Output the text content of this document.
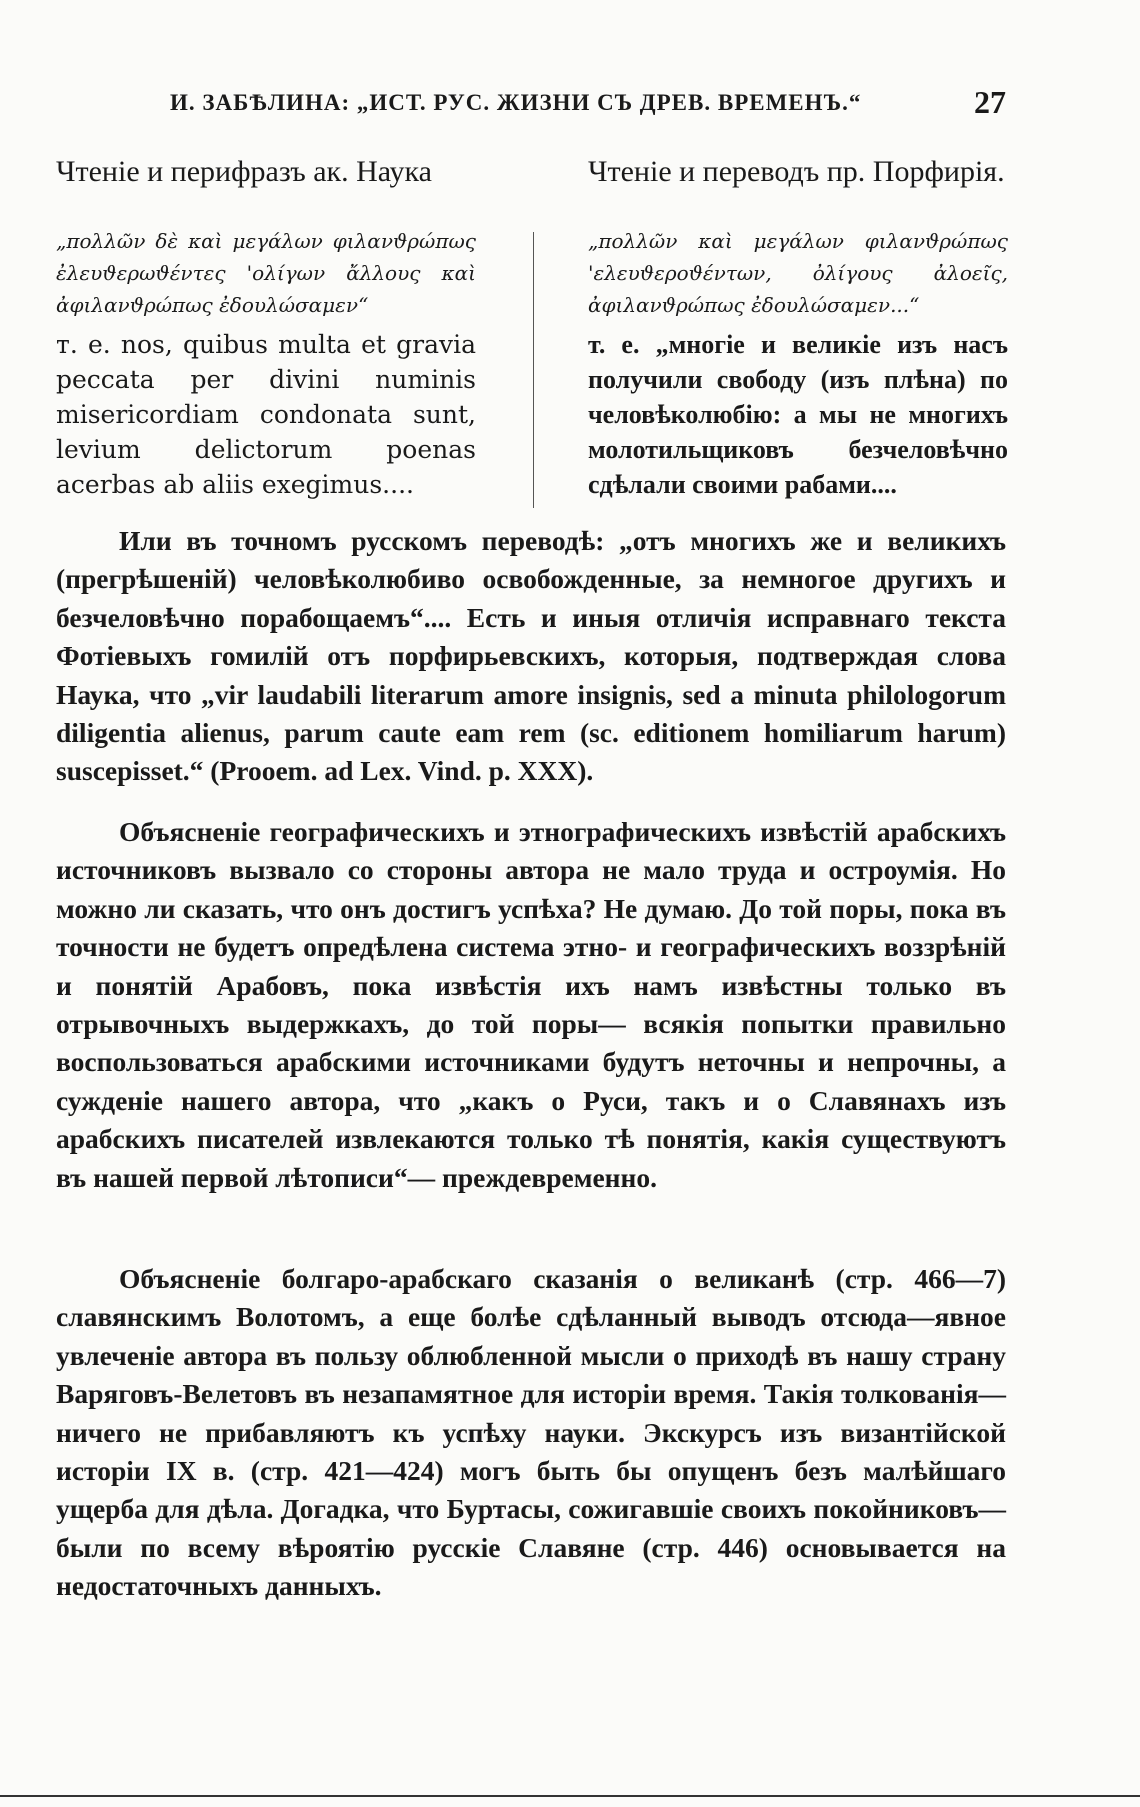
И. ЗАБѢЛИНА: „ИСТ. РУС. ЖИЗНИ СЪ ДРЕВ. ВРЕМЕНЪ.“	27
Чтеніе и перифразъ ак. Наука	Чтеніе и переводъ пр. Порфирія.

„πολλῶν δὲ καὶ μεγάλων φιλανϑρώπως ἐλευϑερωϑέντες 'ολίγων ἄλλους καὶ ἀφιλανϑρώπως ἐδουλώσαμεν“

т. е. nos, quibus multa et gravia peccata per divini numinis misericordiam condonata sunt, levium delictorum poenas acerbas ab aliis exegimus....

„πολλῶν καὶ μεγάλων φιλανϑρώπως 'ελευϑεροϑέντων, ὀλίγους ἀλοεῖς, ἀφιλανϑρώπως ἐδουλώσαμεν...“

т. е. „многіе и великіе изъ насъ получили свободу (изъ плѣна) по человѣколюбію: а мы не многихъ молотильщиковъ безчеловѣчно сдѣлали своими рабами....

Или въ точномъ русскомъ переводѣ: „отъ многихъ же и великихъ (прегрѣшеній) человѣколюбиво освобожденные, за немногое другихъ и безчеловѣчно порабощаемъ“.... Есть и иныя отличія исправнаго текста Фотіевыхъ гомилій отъ порфирьевскихъ, которыя, подтверждая слова Наука, что „vir laudabili literarum amore insignis, sed a minuta philologorum diligentia alienus, parum caute eam rem (sc. editionem homiliarum harum) suscepisset.“ (Prooem. ad Lex. Vind. p. XXX).

Объясненіе географическихъ и этнографическихъ извѣстій арабскихъ источниковъ вызвало со стороны автора не мало труда и остроумія. Но можно ли сказать, что онъ достигъ успѣха? Не думаю. До той поры, пока въ точности не будетъ опредѣлена система этно- и географическихъ воззрѣній и понятій Арабовъ, пока извѣстія ихъ намъ извѣстны только въ отрывочныхъ выдержкахъ, до той поры— всякія попытки правильно воспользоваться арабскими источниками будутъ неточны и непрочны, а сужденіе нашего автора, что „какъ о Руси, такъ и о Славянахъ изъ арабскихъ писателей извлекаются только тѣ понятія, какія существуютъ въ нашей первой лѣтописи“— преждевременно.

Объясненіе болгаро-арабскаго сказанія о великанѣ (стр. 466—7) славянскимъ Волотомъ, а еще болѣе сдѣланный выводъ отсюда—явное увлеченіе автора въ пользу облюбленной мысли о приходѣ въ нашу страну Варяговъ-Велетовъ въ незапамятное для исторіи время. Такія толкованія—ничего не прибавляютъ къ успѣху науки. Экскурсъ изъ византійской исторіи IX в. (стр. 421—424) могъ быть бы опущенъ безъ малѣйшаго ущерба для дѣла. Догадка, что Буртасы, сожигавшіе своихъ покойниковъ—были по всему вѣроятію русскіе Славяне (стр. 446) основывается на недостаточныхъ данныхъ.
